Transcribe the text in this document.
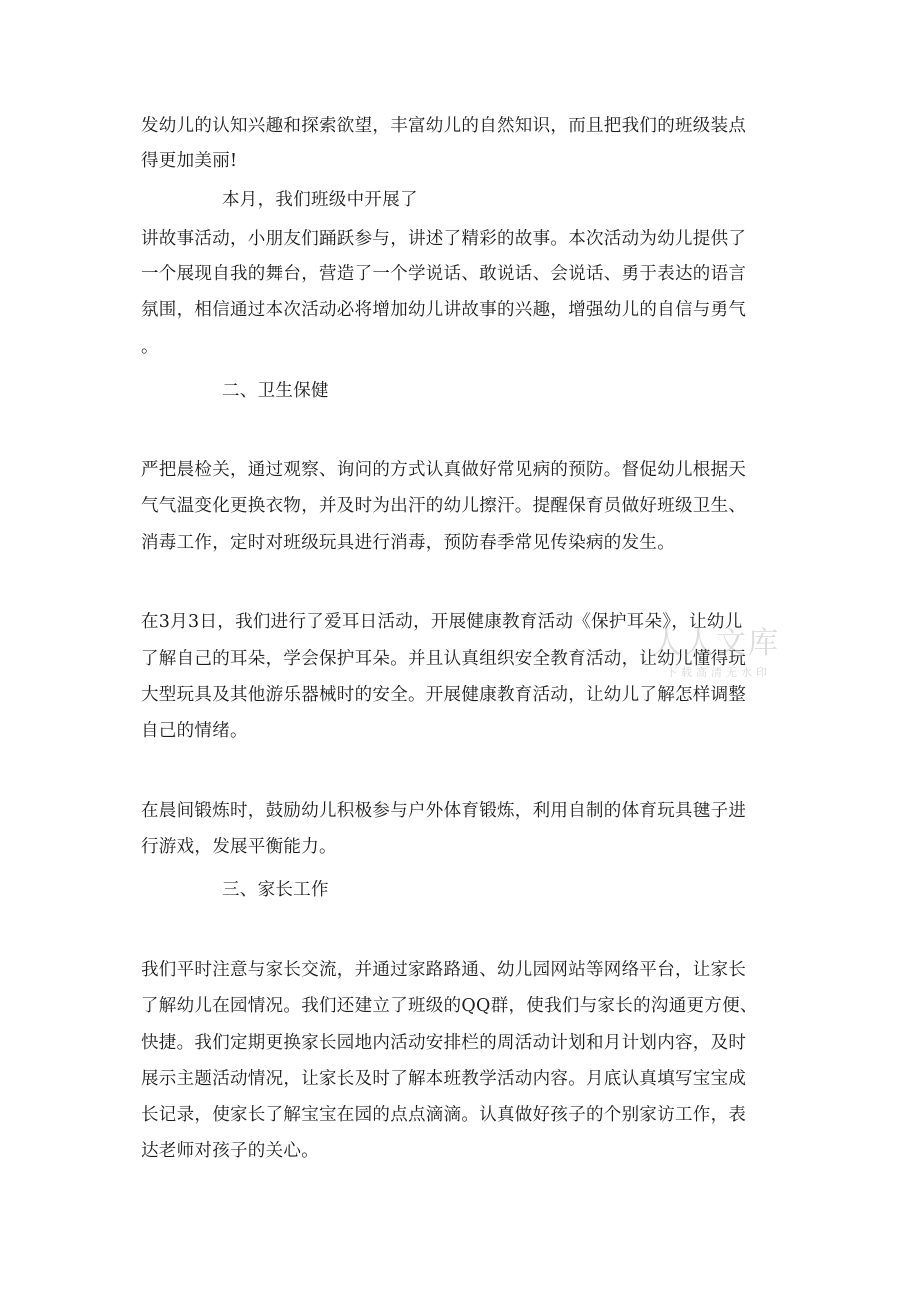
发幼儿的认知兴趣和探索欲望，丰富幼儿的自然知识，而且把我们的班级装点
得更加美丽!
本月，我们班级中开展了
讲故事活动，小朋友们踊跃参与，讲述了精彩的故事。本次活动为幼儿提供了
一个展现自我的舞台，营造了一个学说话、敢说话、会说话、勇于表达的语言
氛围，相信通过本次活动必将增加幼儿讲故事的兴趣，增强幼儿的自信与勇气
。
二、卫生保健
严把晨检关，通过观察、询问的方式认真做好常见病的预防。督促幼儿根据天
气气温变化更换衣物，并及时为出汗的幼儿擦汗。提醒保育员做好班级卫生、
消毒工作，定时对班级玩具进行消毒，预防春季常见传染病的发生。
在3月3日，我们进行了爱耳日活动，开展健康教育活动《保护耳朵》，让幼儿
了解自己的耳朵，学会保护耳朵。并且认真组织安全教育活动，让幼儿懂得玩
大型玩具及其他游乐器械时的安全。开展健康教育活动，让幼儿了解怎样调整
自己的情绪。
在晨间锻炼时，鼓励幼儿积极参与户外体育锻炼，利用自制的体育玩具毽子进
行游戏，发展平衡能力。
三、家长工作
我们平时注意与家长交流，并通过家路路通、幼儿园网站等网络平台，让家长
了解幼儿在园情况。我们还建立了班级的QQ群，使我们与家长的沟通更方便、
快捷。我们定期更换家长园地内活动安排栏的周活动计划和月计划内容，及时
展示主题活动情况，让家长及时了解本班教学活动内容。月底认真填写宝宝成
长记录，使家长了解宝宝在园的点点滴滴。认真做好孩子的个别家访工作，表
达老师对孩子的关心。
人人文库
下载高清无水印
